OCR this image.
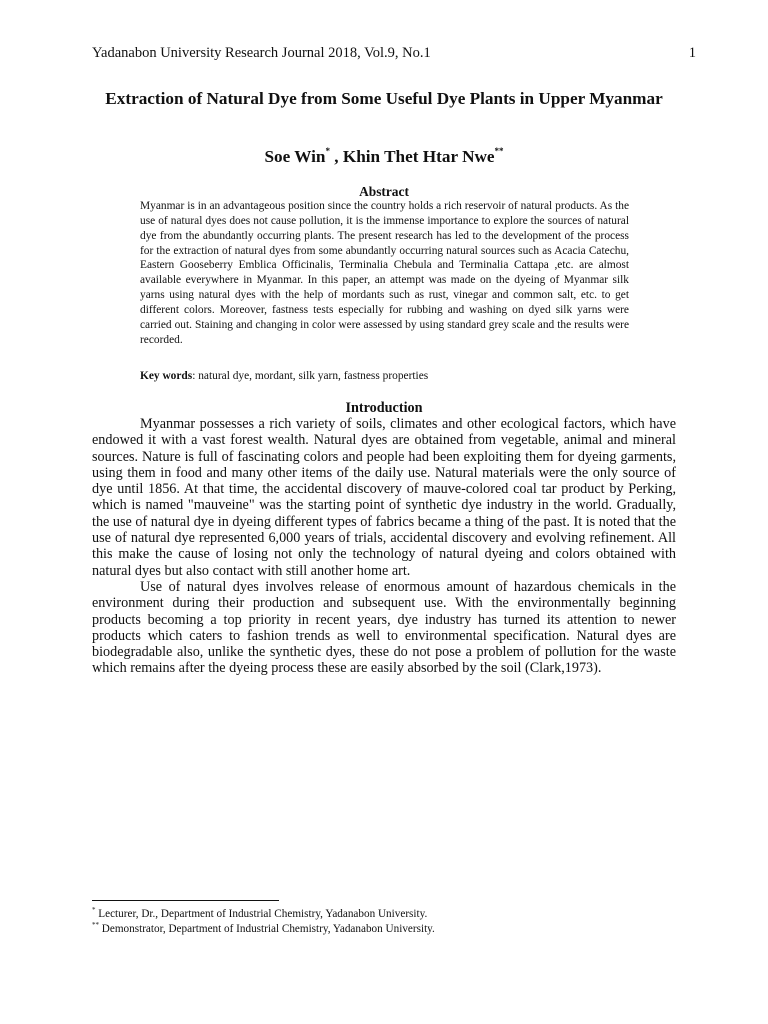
Yadanabon University Research Journal 2018, Vol.9, No.1	1
Extraction of Natural Dye from Some Useful Dye Plants in Upper Myanmar
Soe Win* , Khin Thet Htar Nwe**
Abstract
Myanmar is in an advantageous position since the country holds a rich reservoir of natural products. As the use of natural dyes does not cause pollution, it is the immense importance to explore the sources of natural dye from the abundantly occurring plants. The present research has led to the development of the process for the extraction of natural dyes from some abundantly occurring natural sources such as Acacia Catechu, Eastern Gooseberry Emblica Officinalis, Terminalia Chebula and Terminalia Cattapa ,etc. are almost available everywhere in Myanmar. In this paper, an attempt was made on the dyeing of Myanmar silk yarns using natural dyes with the help of mordants such as rust, vinegar and common salt, etc. to get different colors. Moreover, fastness tests especially for rubbing and washing on dyed silk yarns were carried out. Staining and changing in color were assessed by using standard grey scale and the results were recorded.
Key words: natural dye, mordant, silk yarn, fastness properties
Introduction

Myanmar possesses a rich variety of soils, climates and other ecological factors, which have endowed it with a vast forest wealth. Natural dyes are obtained from vegetable, animal and mineral sources. Nature is full of fascinating colors and people had been exploiting them for dyeing garments, using them in food and many other items of the daily use. Natural materials were the only source of dye until 1856. At that time, the accidental discovery of mauve-colored coal tar product by Perking, which is named "mauveine" was the starting point of synthetic dye industry in the world. Gradually, the use of natural dye in dyeing different types of fabrics became a thing of the past. It is noted that the use of natural dye represented 6,000 years of trials, accidental discovery and evolving refinement. All this make the cause of losing not only the technology of natural dyeing and colors obtained with natural dyes but also contact with still another home art.

Use of natural dyes involves release of enormous amount of hazardous chemicals in the environment during their production and subsequent use. With the environmentally beginning products becoming a top priority in recent years, dye industry has turned its attention to newer products which caters to fashion trends as well to environmental specification. Natural dyes are biodegradable also, unlike the synthetic dyes, these do not pose a problem of pollution for the waste which remains after the dyeing process these are easily absorbed by the soil (Clark,1973).

* Lecturer, Dr., Department of Industrial Chemistry, Yadanabon University.
** Demonstrator, Department of Industrial Chemistry, Yadanabon University.
